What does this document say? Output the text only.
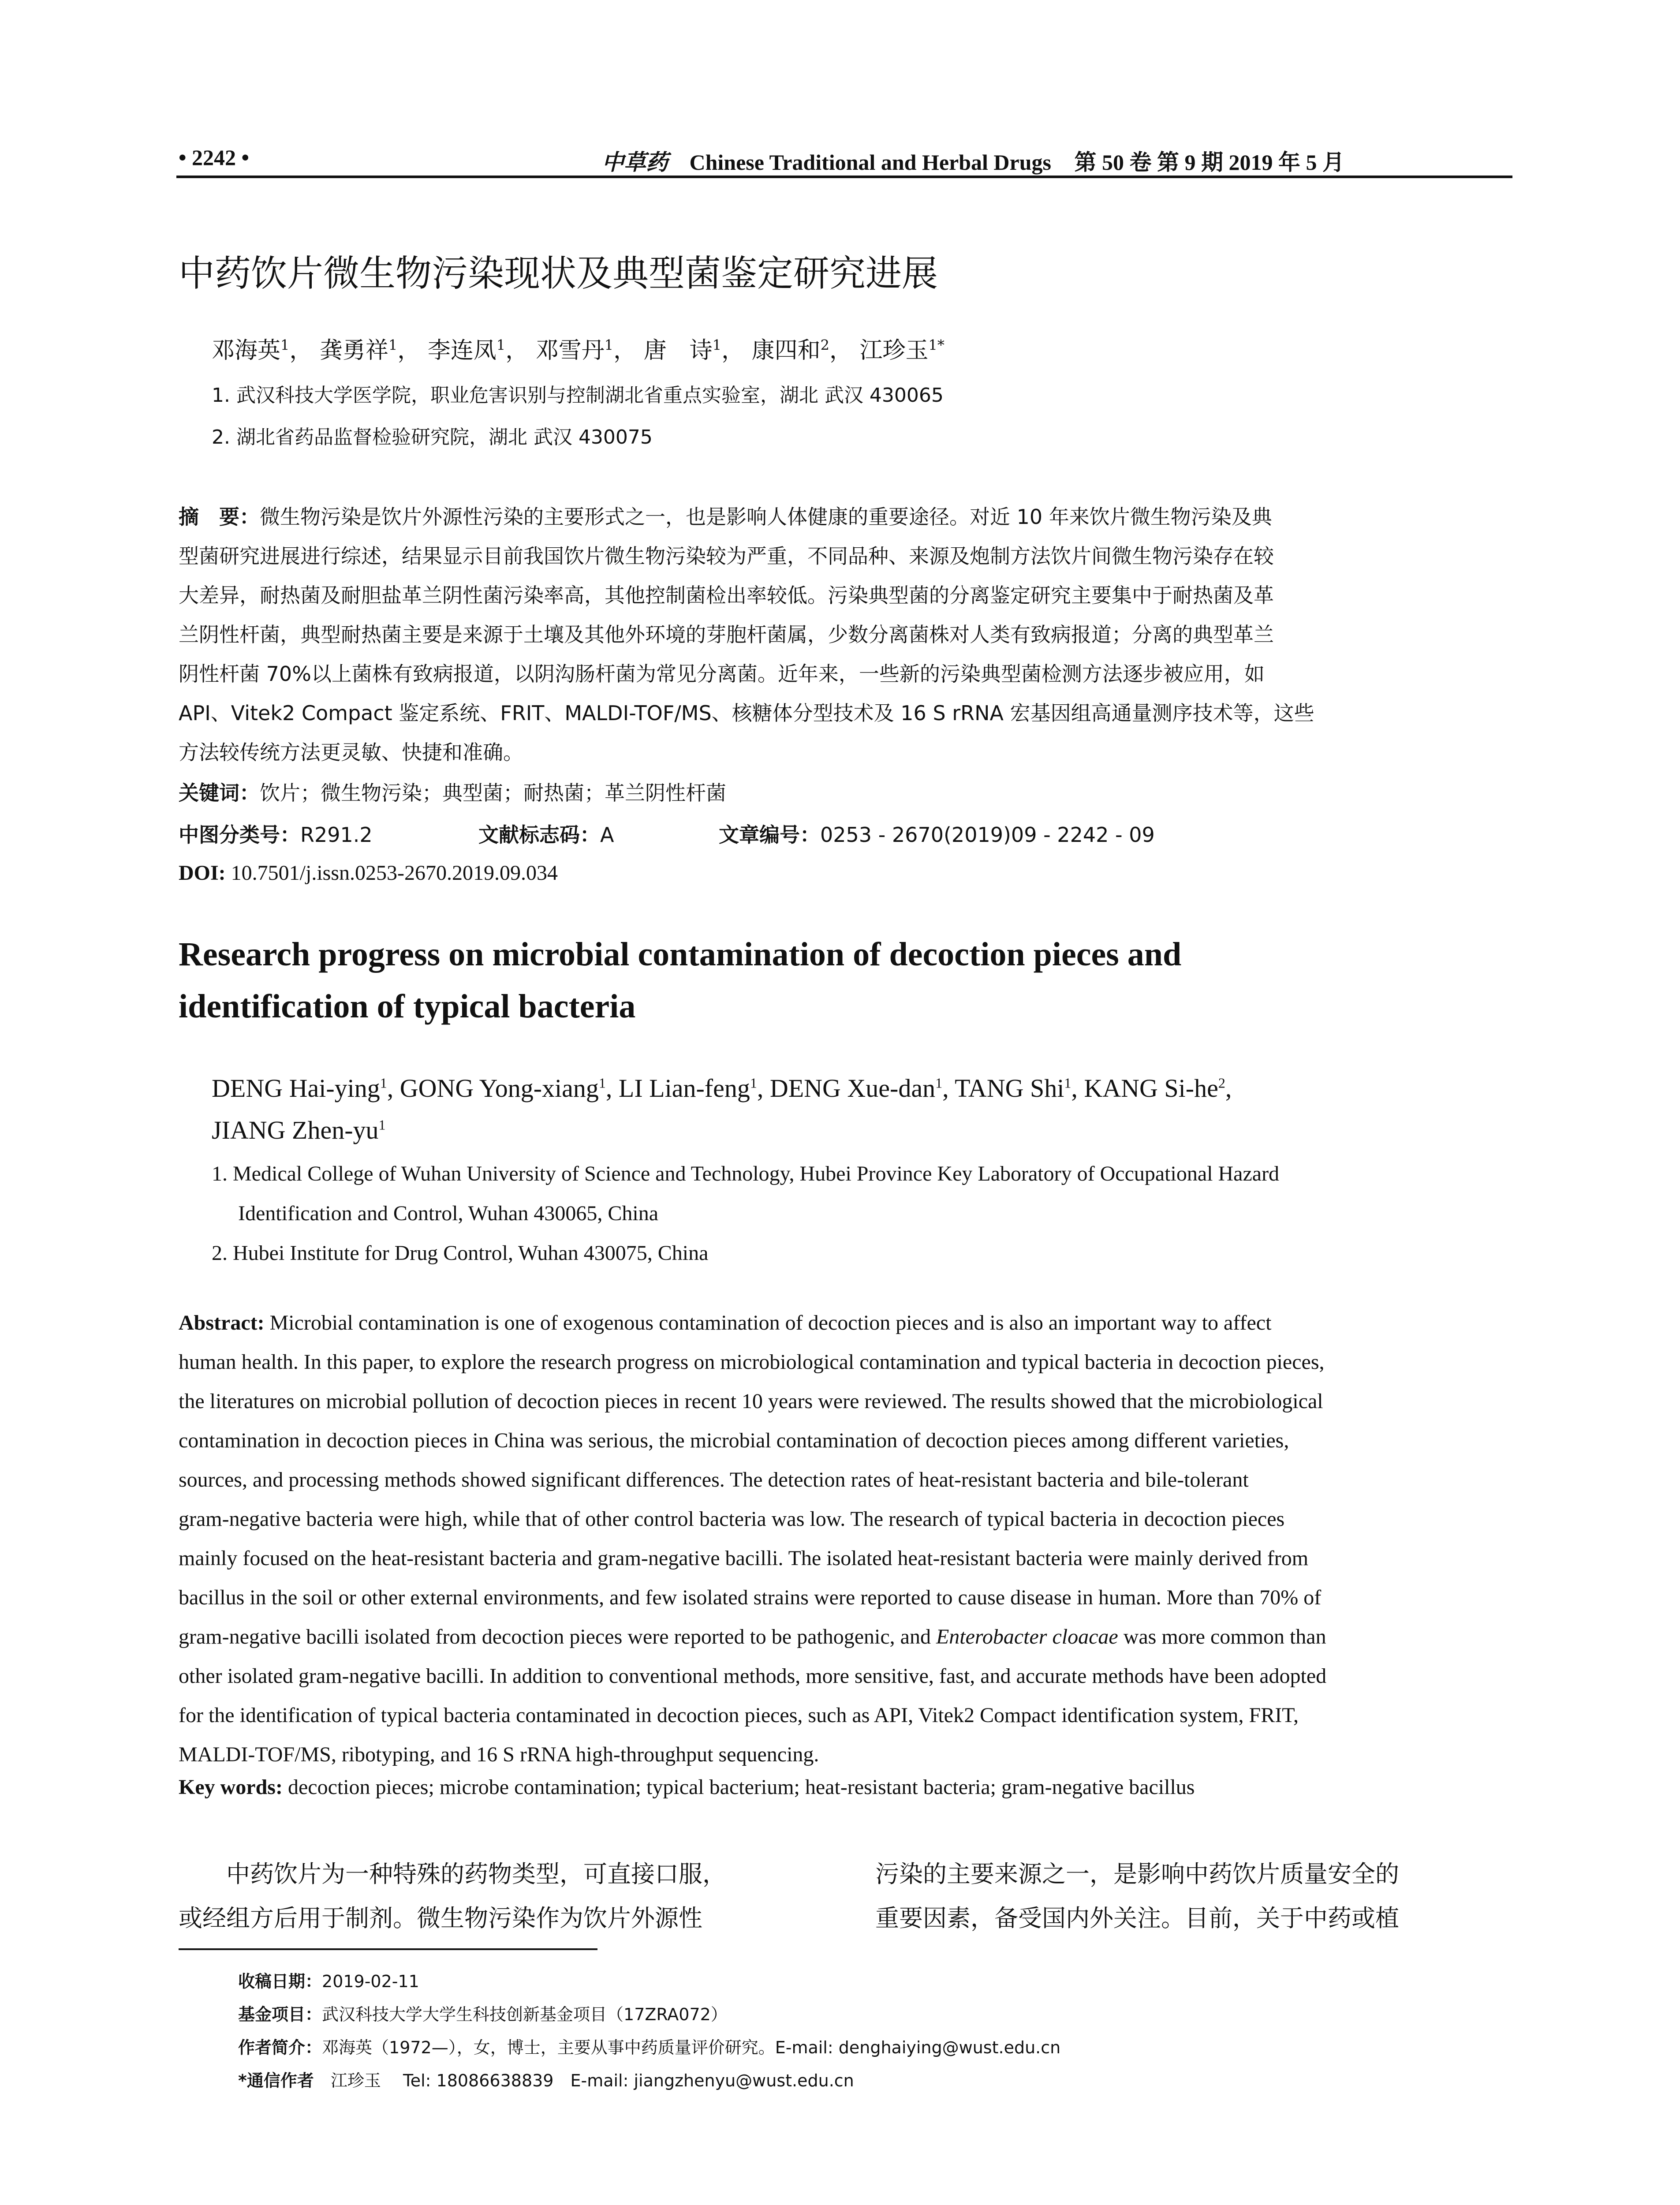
• 2242 •	中草药 Chinese Traditional and Herbal Drugs 第 50 卷 第 9 期 2019 年 5 月
中药饮片微生物污染现状及典型菌鉴定研究进展
邓海英$^1$， 龚勇祥$^1$， 李连凤$^1$， 邓雪丹$^1$， 唐　诗$^1$， 康四和$^2$， 江珍玉$^{1*}$
1. 武汉科技大学医学院，职业危害识别与控制湖北省重点实验室，湖北 武汉 430065
2. 湖北省药品监督检验研究院，湖北 武汉 430075
摘　要：微生物污染是饮片外源性污染的主要形式之一，也是影响人体健康的重要途径。对近 10 年来饮片微生物污染及典
型菌研究进展进行综述，结果显示目前我国饮片微生物污染较为严重，不同品种、来源及炮制方法饮片间微生物污染存在较
大差异，耐热菌及耐胆盐革兰阴性菌污染率高，其他控制菌检出率较低。污染典型菌的分离鉴定研究主要集中于耐热菌及革
兰阴性杆菌，典型耐热菌主要是来源于土壤及其他外环境的芽胞杆菌属，少数分离菌株对人类有致病报道；分离的典型革兰
阴性杆菌 70%以上菌株有致病报道，以阴沟肠杆菌为常见分离菌。近年来，一些新的污染典型菌检测方法逐步被应用，如
API、Vitek2 Compact 鉴定系统、FRIT、MALDI-TOF/MS、核糖体分型技术及 16 S rRNA 宏基因组高通量测序技术等，这些
方法较传统方法更灵敏、快捷和准确。
关键词：饮片；微生物污染；典型菌；耐热菌；革兰阴性杆菌
中图分类号：R291.2	文献标志码：A	文章编号：0253 - 2670(2019)09 - 2242 - 09
DOI: 10.7501/j.issn.0253-2670.2019.09.034
Research progress on microbial contamination of decoction pieces and
identification of typical bacteria
DENG Hai-ying$^1$, GONG Yong-xiang$^1$, LI Lian-feng$^1$, DENG Xue-dan$^1$, TANG Shi$^1$, KANG $Si-he^2$,
JIANG Zhen-$yu^1$
1. Medical College of Wuhan University of Science and Technology, Hubei Province Key Laboratory of Occupational Hazard
Identification and Control, Wuhan 430065, China
2. Hubei Institute for Drug Control, Wuhan 430075, China
Abstract: Microbial contamination is one of exogenous contamination of decoction pieces and is also an important way to affect
human health. In this paper, to explore the research progress on microbiological contamination and typical bacteria in decoction pieces,
the literatures on microbial pollution of decoction pieces in recent 10 years were reviewed. The results showed that the microbiological
contamination in decoction pieces in China was serious, the microbial contamination of decoction pieces among different varieties,
sources, and processing methods showed significant differences. The detection rates of heat-resistant bacteria and bile-tolerant
gram-negative bacteria were high, while that of other control bacteria was low. The research of typical bacteria in decoction pieces
mainly focused on the heat-resistant bacteria and gram-negative bacilli. The isolated heat-resistant bacteria were mainly derived from
bacillus in the soil or other external environments, and few isolated strains were reported to cause disease in human. More than 70% of
gram-negative bacilli isolated from decoction pieces were reported to be pathogenic, and Enterobacter cloacae was more common than
other isolated gram-negative bacilli. In addition to conventional methods, more sensitive, fast, and accurate methods have been adopted
for the identification of typical bacteria contaminated in decoction pieces, such as API, Vitek2 Compact identification system, FRIT,
MALDI-TOF/MS, ribotyping, and 16 S rRNA high-throughput sequencing.
Key words: decoction pieces; microbe contamination; typical bacterium; heat-resistant bacteria; gram-negative bacillus
　　中药饮片为一种特殊的药物类型，可直接口服，
或经组方后用于制剂。微生物污染作为饮片外源性
污染的主要来源之一，是影响中药饮片质量安全的
重要因素，备受国内外关注。目前，关于中药或植
收稿日期：2019-02-11
基金项目：武汉科技大学大学生科技创新基金项目（17ZRA072）
作者简介：邓海英（1972—），女，博士，主要从事中药质量评价研究。E-mail: denghaiying@wust.edu.cn
*通信作者　江珍玉　 Tel: 18086638839　E-mail: jiangzhenyu@wust.edu.cn
